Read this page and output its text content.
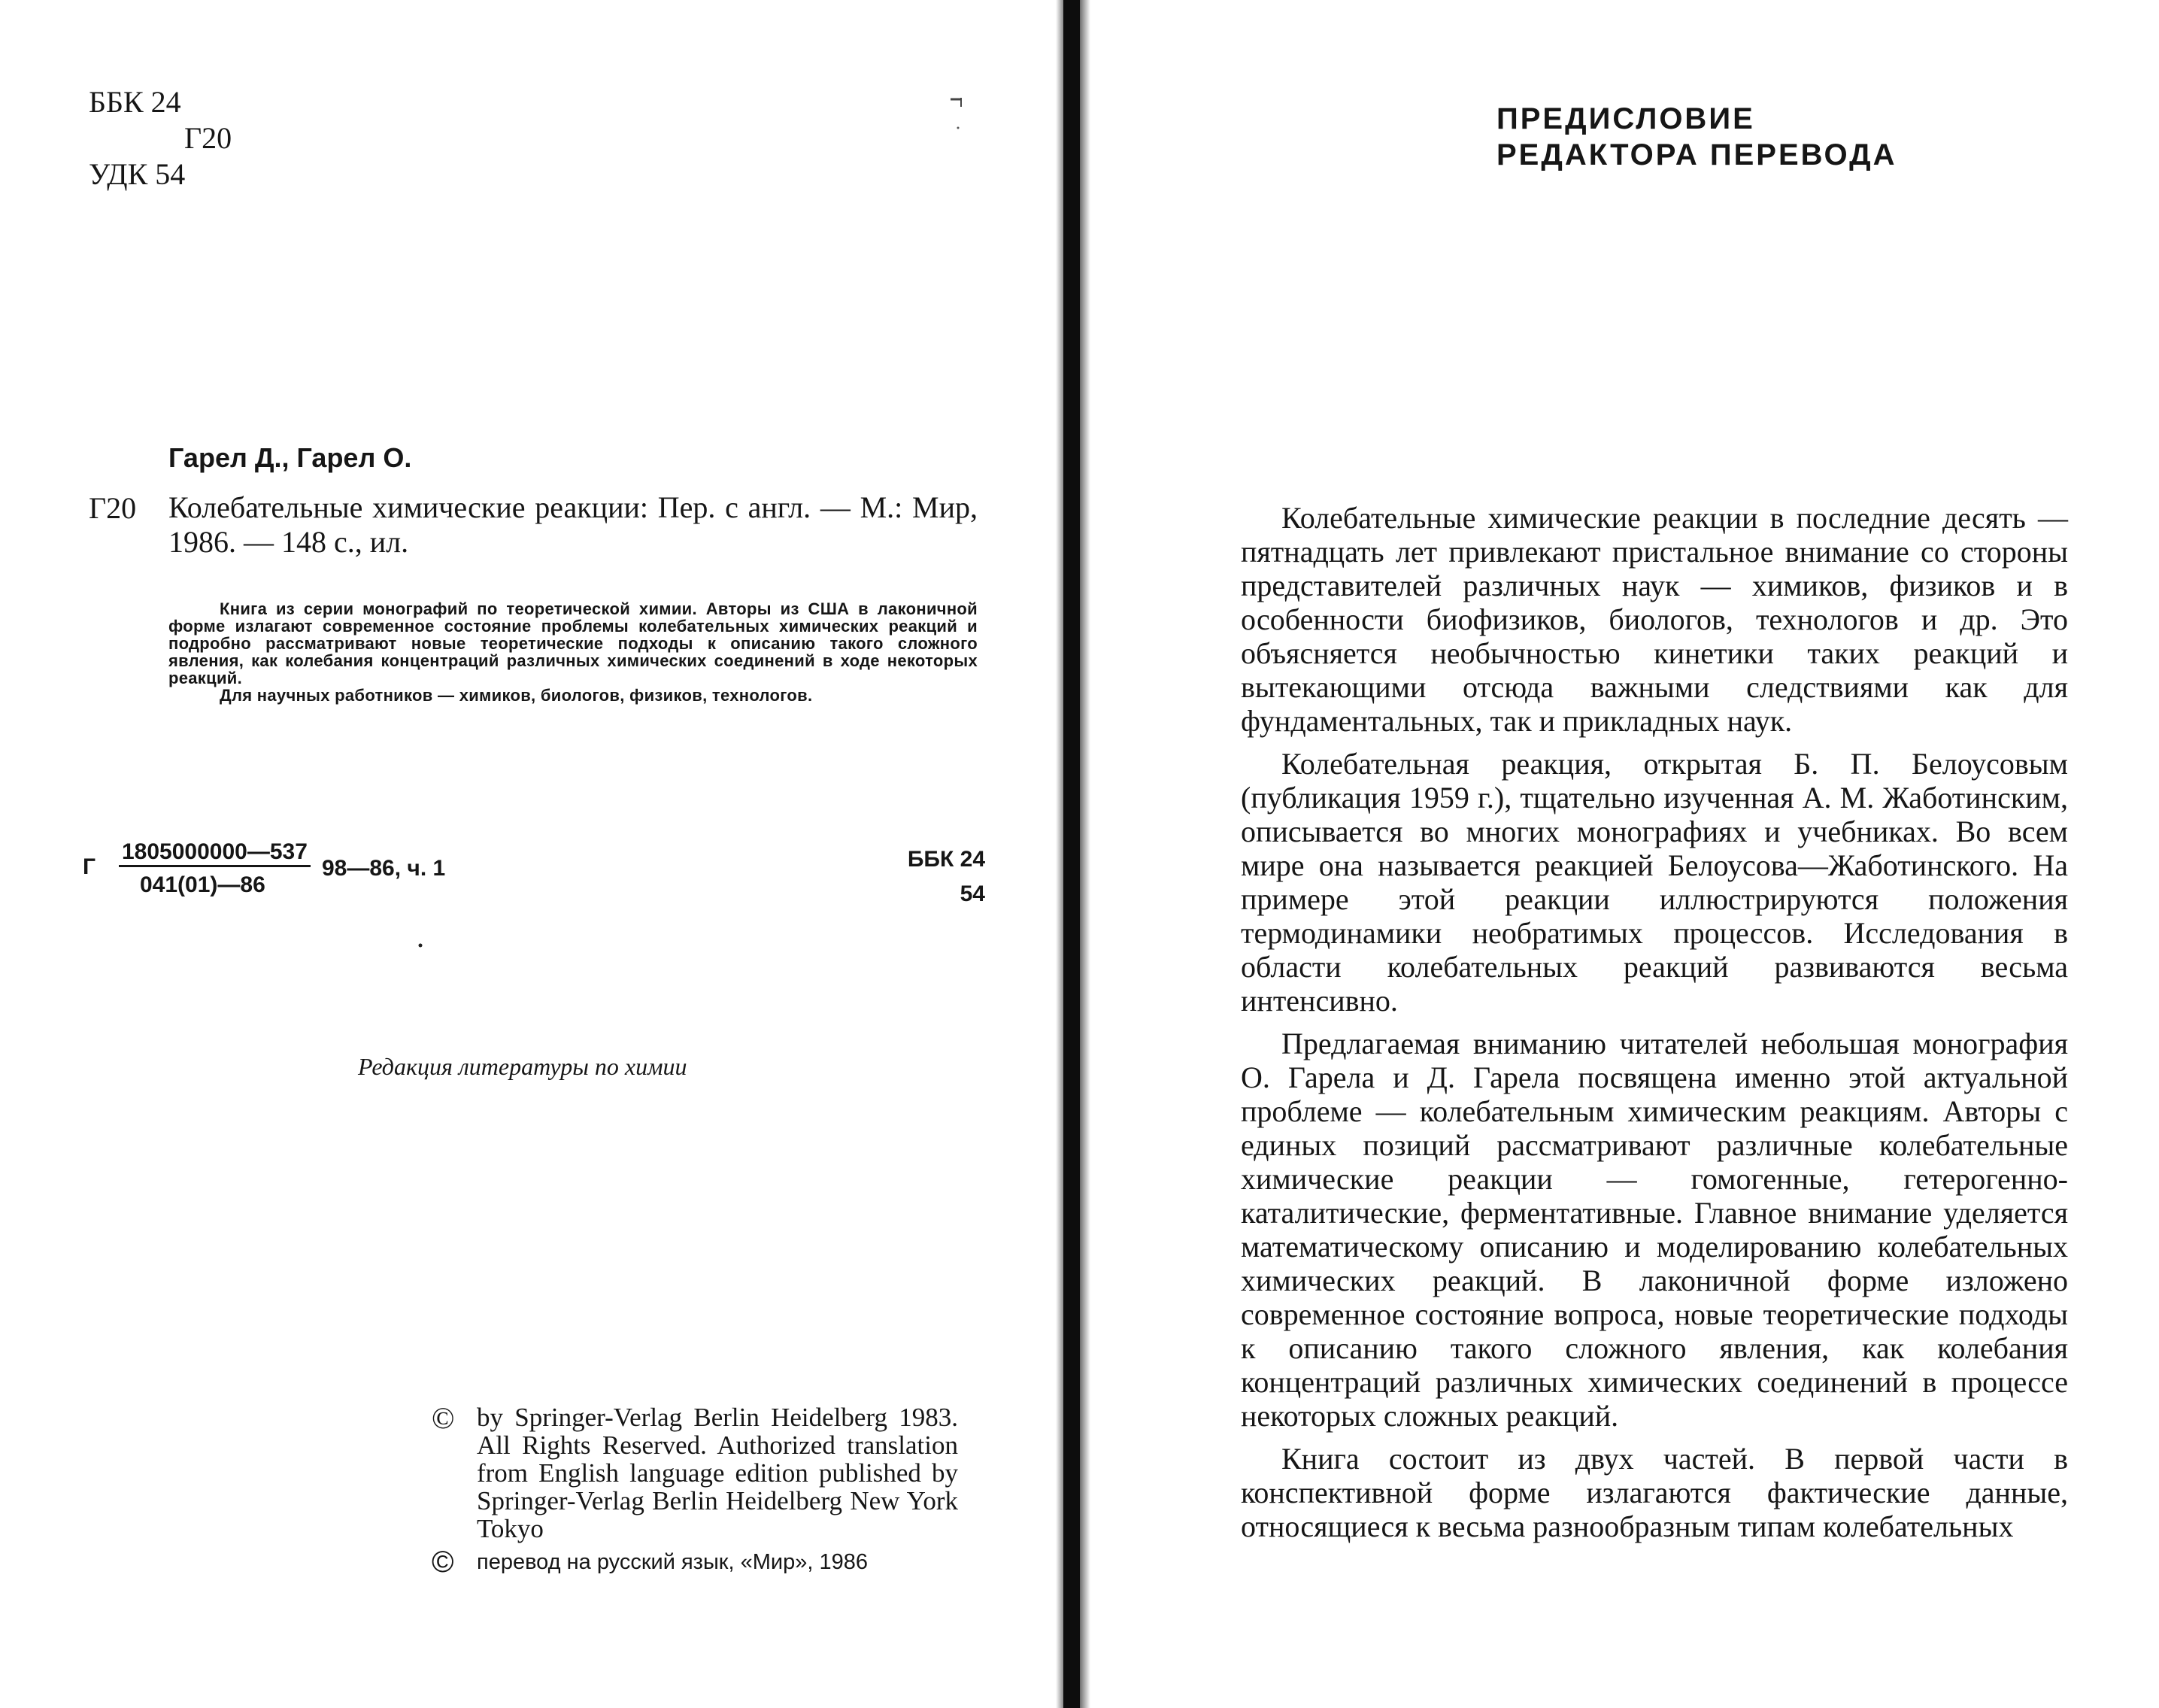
ББК 24
Г20
УДК 54
Гарел Д., Гарел О.
Г20 Колебательные химические реакции: Пер. с англ. — М.: Мир, 1986. — 148 с., ил.

Книга из серии монографий по теоретической химии. Авторы из США в лаконичной форме излагают современное состояние проблемы колебательных химических реакций и подробно рассматривают новые теоретические подходы к описанию такого сложного явления, как колебания концентраций различных химических соединений в ходе некоторых реакций.

Для научных работников — химиков, биологов, физиков, технологов.

Г
1805000000—537
041(01)—86
98—86, ч. 1	ББК 24
54
Редакция литературы по химии
© by Springer-Verlag Berlin Heidelberg 1983. All Rights Reserved. Authorized translation from English language edition published by Springer-Verlag Berlin Heidelberg New York Tokyo
© перевод на русский язык, «Мир», 1986
ПРЕДИСЛОВИЕ
РЕДАКТОРА ПЕРЕВОДА

Колебательные химические реакции в последние десять — пятнадцать лет привлекают пристальное внимание со стороны представителей различных наук — химиков, физиков и в особенности биофизиков, биологов, технологов и др. Это объясняется необычностью кинетики таких реакций и вытекающими отсюда важными следствиями как для фундаментальных, так и прикладных наук.

Колебательная реакция, открытая Б. П. Белоусовым (публикация 1959 г.), тщательно изученная А. М. Жаботинским, описывается во многих монографиях и учебниках. Во всем мире она называется реакцией Белоусова—Жаботинского. На примере этой реакции иллюстрируются положения термодинамики необратимых процессов. Исследования в области колебательных реакций развиваются весьма интенсивно.

Предлагаемая вниманию читателей небольшая монография О. Гарела и Д. Гарела посвящена именно этой актуальной проблеме — колебательным химическим реакциям. Авторы с единых позиций рассматривают различные колебательные химические реакции — гомогенные, гетерогенно-каталитические, ферментативные. Главное внимание уделяется математическому описанию и моделированию колебательных химических реакций. В лаконичной форме изложено современное состояние вопроса, новые теоретические подходы к описанию такого сложного явления, как колебания концентраций различных химических соединений в процессе некоторых сложных реакций.

Книга состоит из двух частей. В первой части в конспективной форме излагаются фактические данные, относящиеся к весьма разнообразным типам колебательных
